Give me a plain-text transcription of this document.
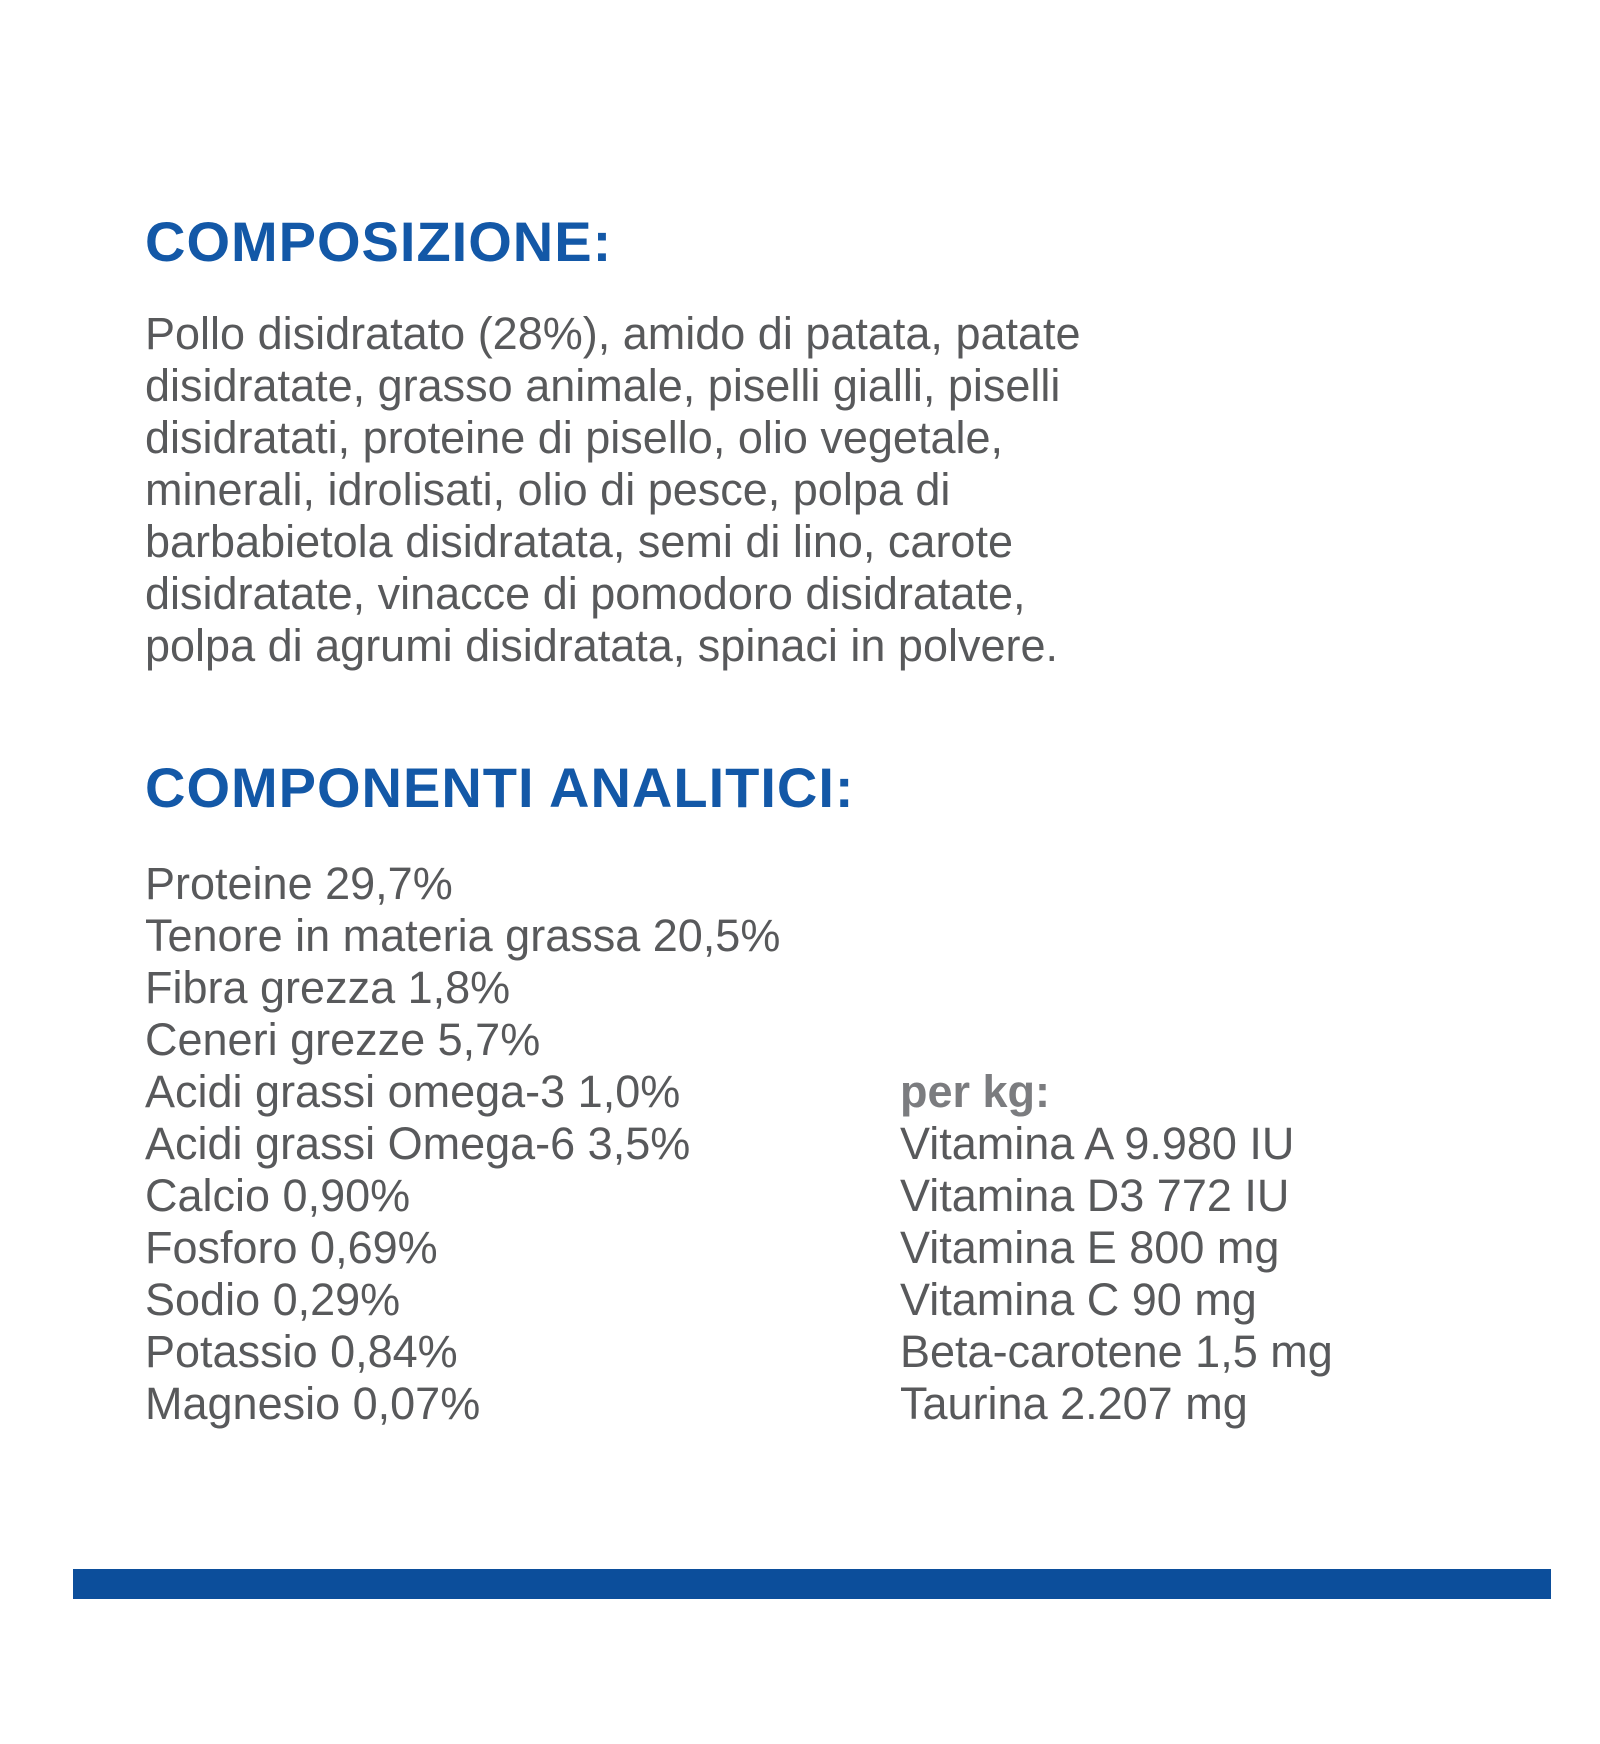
COMPOSIZIONE:
Pollo disidratato (28%), amido di patata, patate
disidratate, grasso animale, piselli gialli, piselli
disidratati, proteine di pisello, olio vegetale,
minerali, idrolisati, olio di pesce, polpa di
barbabietola disidratata, semi di lino, carote
disidratate, vinacce di pomodoro disidratate,
polpa di agrumi disidratata, spinaci in polvere.
COMPONENTI ANALITICI:
Proteine 29,7%
Tenore in materia grassa 20,5%
Fibra grezza 1,8%
Ceneri grezze 5,7%
Acidi grassi omega-3 1,0%
Acidi grassi Omega-6 3,5%
Calcio 0,90%
Fosforo 0,69%
Sodio 0,29%
Potassio 0,84%
Magnesio 0,07%
per kg:
Vitamina A 9.980 IU
Vitamina D3 772 IU
Vitamina E 800 mg
Vitamina C 90 mg
Beta-carotene 1,5 mg
Taurina 2.207 mg
